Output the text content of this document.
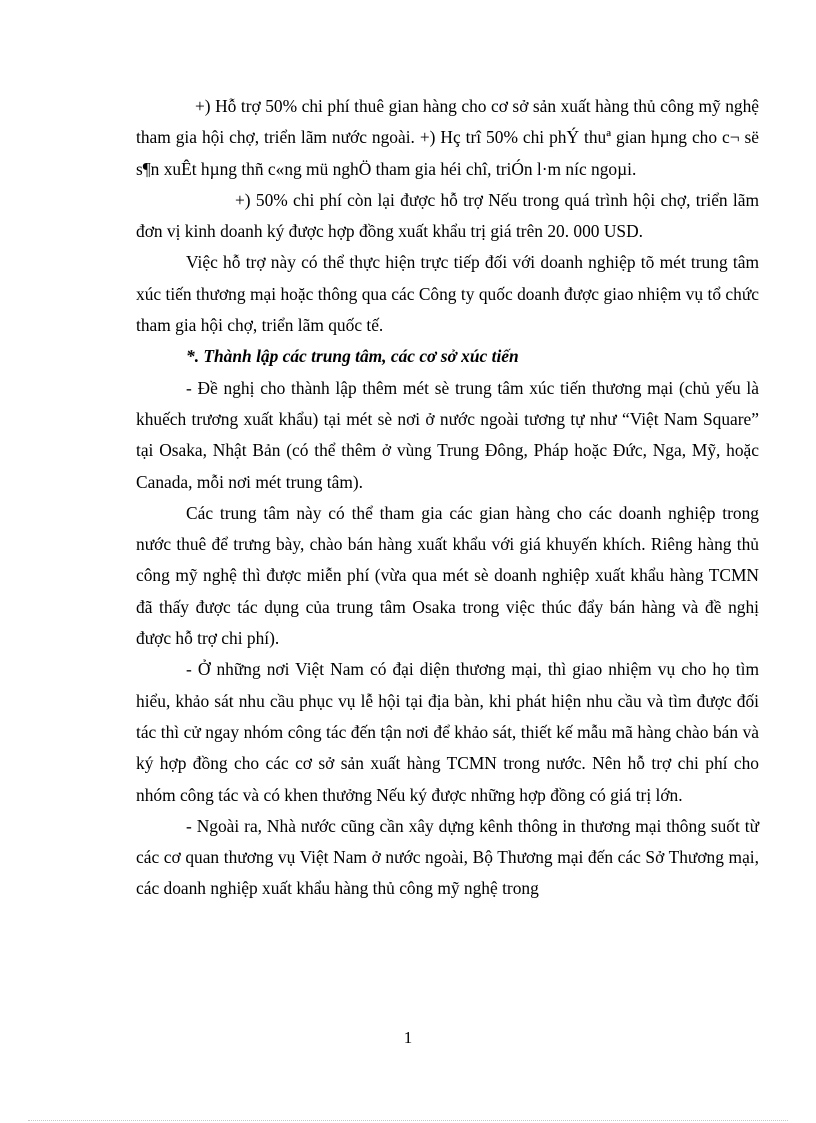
+) Hỗ trợ 50% chi phí thuê gian hàng cho cơ sở sản xuất hàng thủ công mỹ nghệ tham gia hội chợ, triển lãm nước ngoài. +) Hç trî 50% chi phÝ thuª gian hµng cho c¬ së s¶n xuÊt hµng thñ c«ng mü nghÖ tham gia héi chî, triÓn l·m níc ngoµi.

+) 50% chi phí còn lại được hỗ trợ Nếu trong quá trình hội chợ, triển lãm đơn vị kinh doanh ký được hợp đồng xuất khẩu trị giá trên 20. 000 USD.

Việc hỗ trợ này có thể thực hiện trực tiếp đối với doanh nghiệp tõ mét trung tâm xúc tiến thương mại hoặc thông qua các Công ty quốc doanh được giao nhiệm vụ tổ chức tham gia hội chợ, triển lãm quốc tế.

*. Thành lập các trung tâm, các cơ sở xúc tiến

- Đề nghị cho thành lập thêm mét sè trung tâm xúc tiến thương mại (chủ yếu là khuếch trương xuất khẩu) tại mét sè nơi ở nước ngoài tương tự như “Việt Nam Square” tại Osaka, Nhật Bản (có thể thêm ở vùng Trung Đông, Pháp hoặc Đức, Nga, Mỹ, hoặc Canada, mỗi nơi mét trung tâm).

Các trung tâm này có thể tham gia các gian hàng cho các doanh nghiệp trong nước thuê để trưng bày, chào bán hàng xuất khẩu với giá khuyến khích. Riêng hàng thủ công mỹ nghệ thì được miễn phí (vừa qua mét sè doanh nghiệp xuất khẩu hàng TCMN đã thấy được tác dụng của trung tâm Osaka trong việc thúc đẩy bán hàng và đề nghị được hỗ trợ chi phí).

- Ở những nơi Việt Nam có đại diện thương mại, thì giao nhiệm vụ cho họ tìm hiểu, khảo sát nhu cầu phục vụ lễ hội tại địa bàn, khi phát hiện nhu cầu và tìm được đối tác thì cử ngay nhóm công tác đến tận nơi để khảo sát, thiết kế mẫu mã hàng chào bán và ký hợp đồng cho các cơ sở sản xuất hàng TCMN trong nước. Nên hỗ trợ chi phí cho nhóm công tác và có khen thưởng Nếu ký được những hợp đồng có giá trị lớn.

- Ngoài ra, Nhà nước cũng cần xây dựng kênh thông in thương mại thông suốt từ các cơ quan thương vụ Việt Nam ở nước ngoài, Bộ Thương mại đến các Sở Thương mại, các doanh nghiệp xuất khẩu hàng thủ công mỹ nghệ trong

1
